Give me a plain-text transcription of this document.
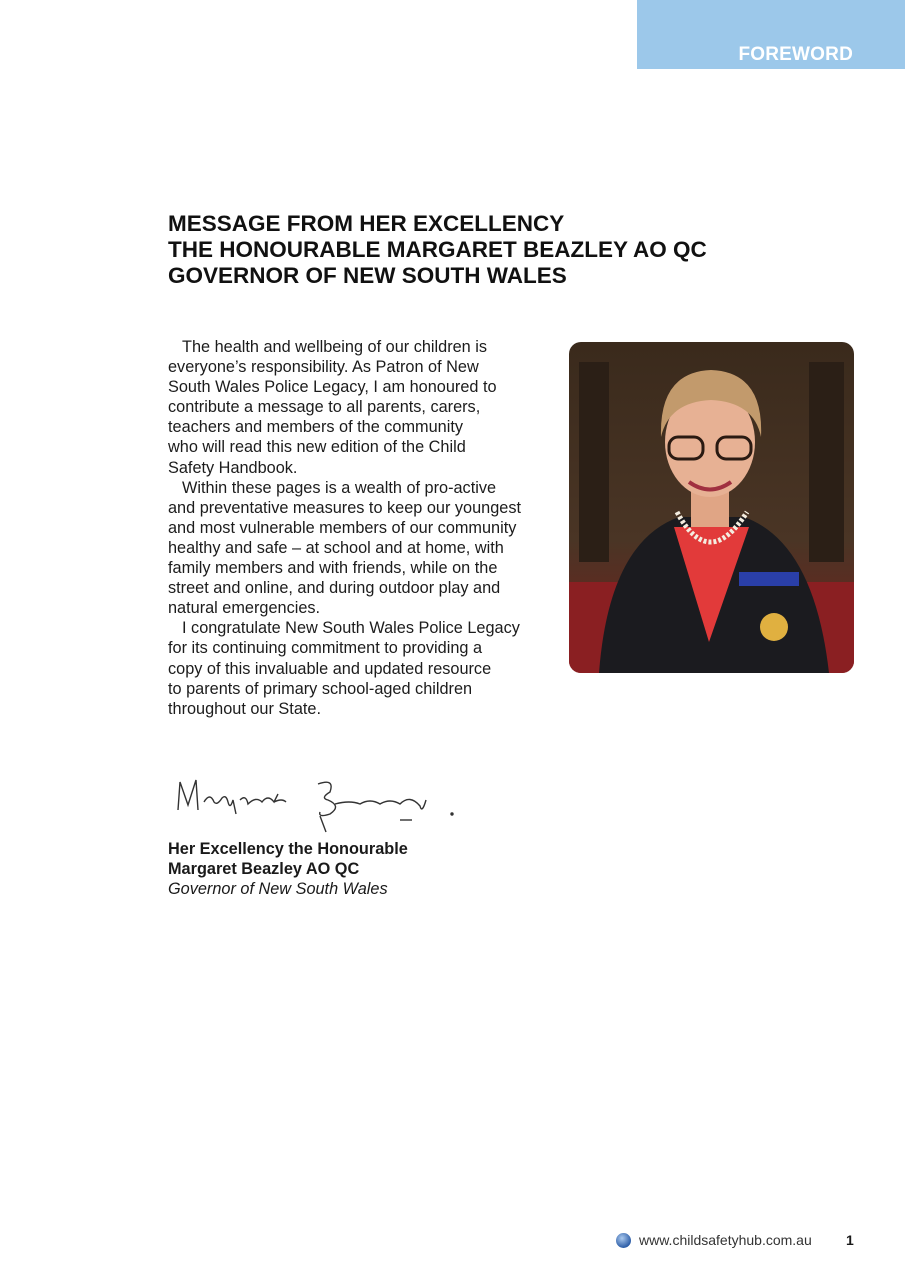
FOREWORD
MESSAGE FROM HER EXCELLENCY
THE HONOURABLE MARGARET BEAZLEY AO QC
GOVERNOR OF NEW SOUTH WALES
The health and wellbeing of our children is
everyone’s responsibility. As Patron of New
South Wales Police Legacy, I am honoured to
contribute a message to all parents, carers,
teachers and members of the community
who will read this new edition of the Child
Safety Handbook.
Within these pages is a wealth of pro-active
and preventative measures to keep our youngest
and most vulnerable members of our community
healthy and safe – at school and at home, with
family members and with friends, while on the
street and online, and during outdoor play and
natural emergencies.
I congratulate New South Wales Police Legacy
for its continuing commitment to providing a
copy of this invaluable and updated resource
to parents of primary school-aged children
throughout our State.
Her Excellency the Honourable
Margaret Beazley AO QC
Governor of New South Wales
www.childsafetyhub.com.au 1
